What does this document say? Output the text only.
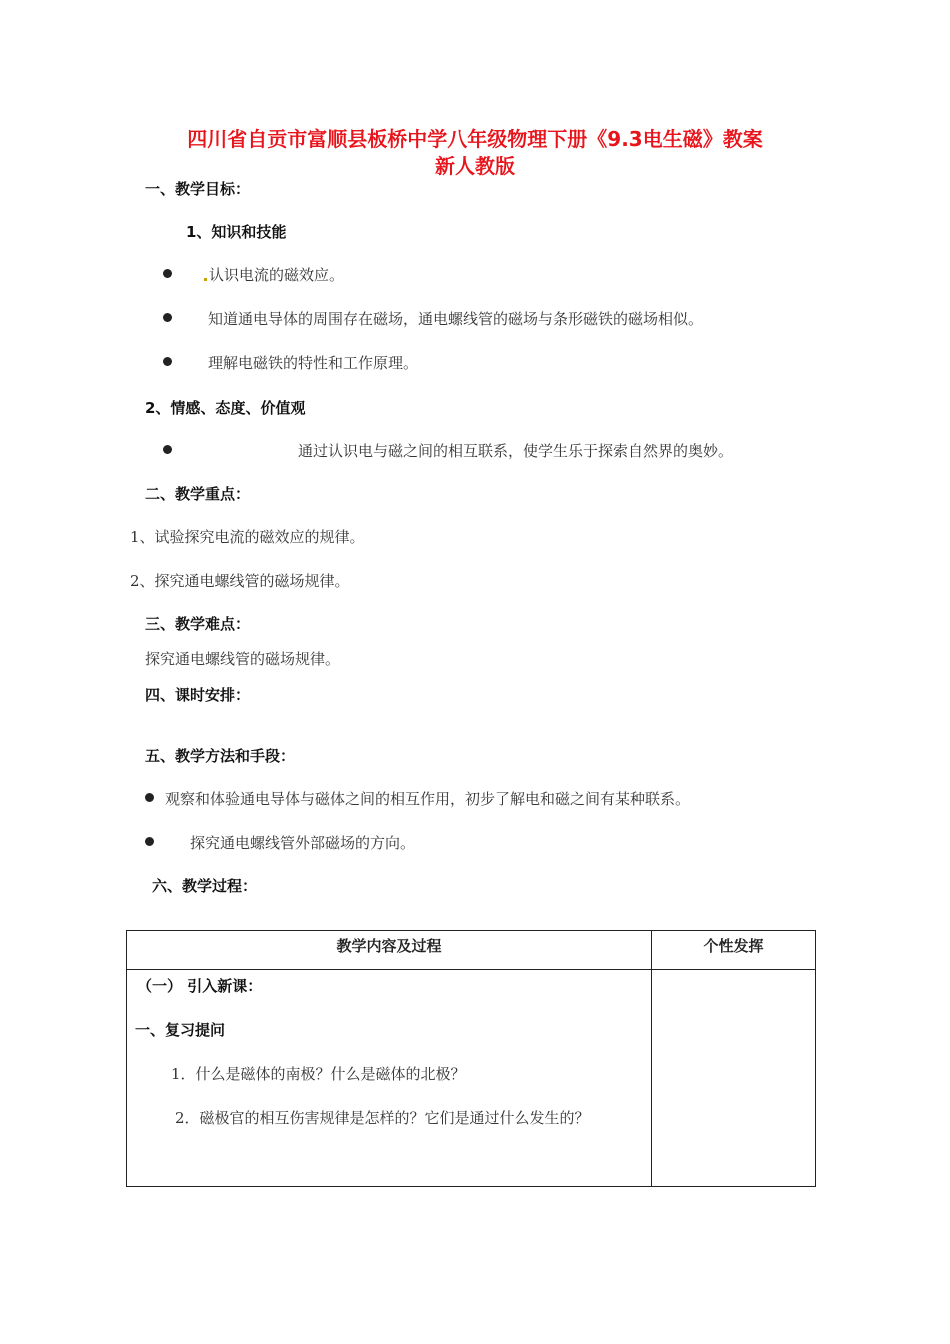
四川省自贡市富顺县板桥中学八年级物理下册《9.3电生磁》教案
新人教版
一、教学目标：
1、知识和技能
认识电流的磁效应。
知道通电导体的周围存在磁场，通电螺线管的磁场与条形磁铁的磁场相似。
理解电磁铁的特性和工作原理。
2、情感、态度、价值观
通过认识电与磁之间的相互联系，使学生乐于探索自然界的奥妙。
二、教学重点：
1、试验探究电流的磁效应的规律。
2、探究通电螺线管的磁场规律。
三、教学难点：
探究通电螺线管的磁场规律。
四、课时安排：
五、教学方法和手段：
观察和体验通电导体与磁体之间的相互作用，初步了解电和磁之间有某种联系。
探究通电螺线管外部磁场的方向。
六、教学过程：
教学内容及过程	个性发挥

（一） 引入新课：
一、复习提问
1．什么是磁体的南极？什么是磁体的北极？
2．磁极官的相互伤害规律是怎样的？它们是通过什么发生的？	
